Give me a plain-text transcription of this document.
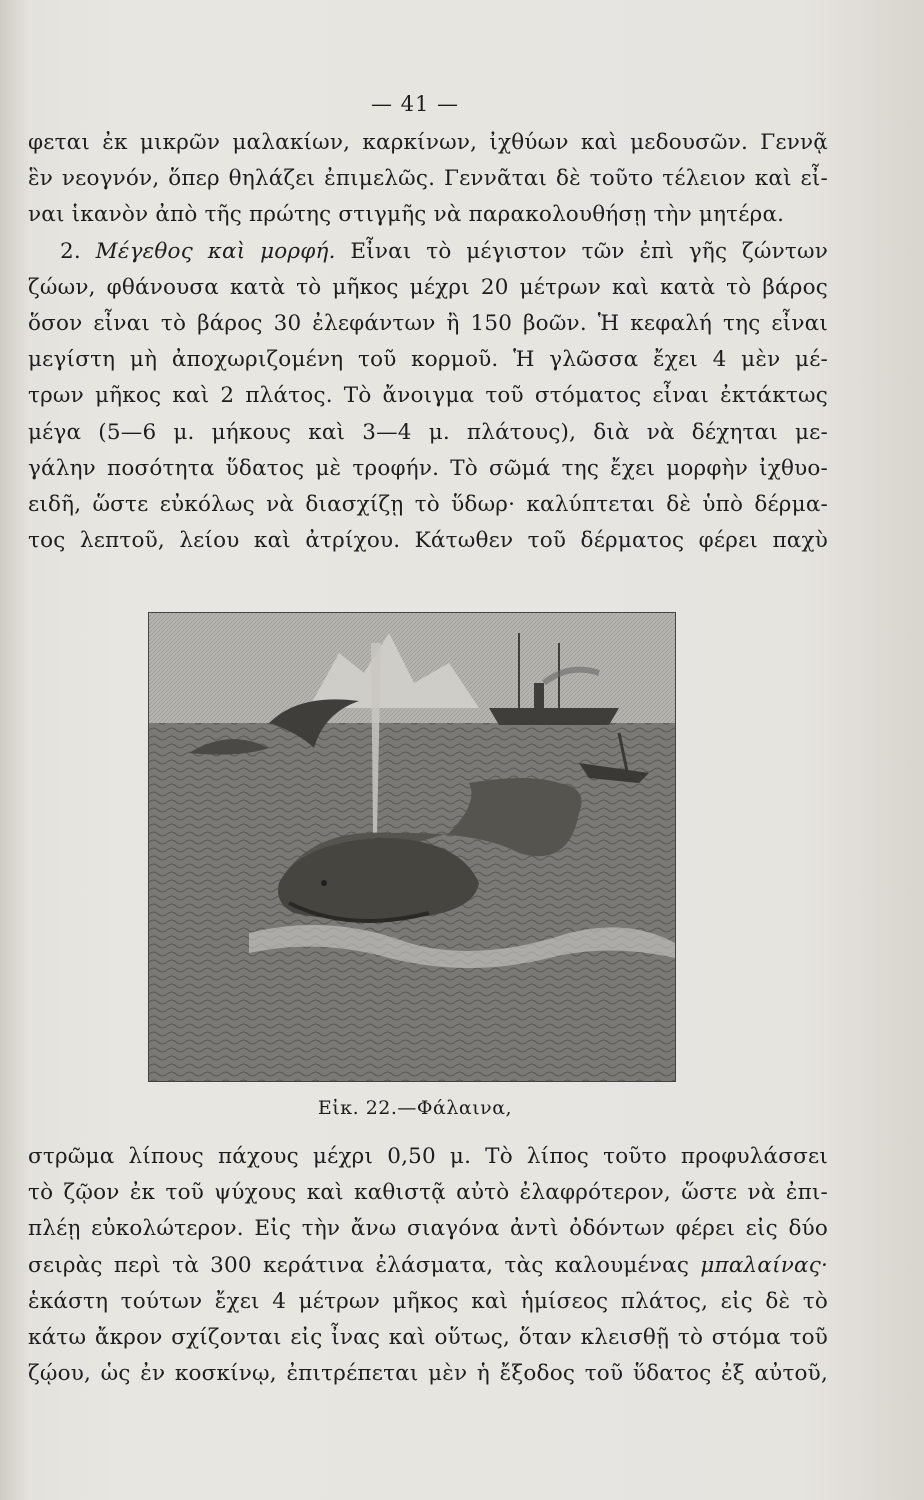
— 41 —
φεται ἐκ μικρῶν μαλακίων, καρκίνων, ἰχθύων καὶ μεδουσῶν. Γεννᾷ
ἓν νεογνόν, ὅπερ θηλάζει ἐπιμελῶς. Γεννᾶται δὲ τοῦτο τέλειον καὶ εἶ-
ναι ἱκανὸν ἀπὸ τῆς πρώτης στιγμῆς νὰ παρακολουθήσῃ τὴν μητέρα.
2. Μέγεθος καὶ μορφή. Εἶναι τὸ μέγιστον τῶν ἐπὶ γῆς ζώντων
ζώων, φθάνουσα κατὰ τὸ μῆκος μέχρι 20 μέτρων καὶ κατὰ τὸ βάρος
ὅσον εἶναι τὸ βάρος 30 ἐλεφάντων ἢ 150 βοῶν. Ἡ κεφαλή της εἶναι
μεγίστη μὴ ἀποχωριζομένη τοῦ κορμοῦ. Ἡ γλῶσσα ἔχει 4 μὲν μέ-
τρων μῆκος καὶ 2 πλάτος. Τὸ ἄνοιγμα τοῦ στόματος εἶναι ἐκτάκτως
μέγα (5—6 μ. μήκους καὶ 3—4 μ. πλάτους), διὰ νὰ δέχηται με-
γάλην ποσότητα ὕδατος μὲ τροφήν. Τὸ σῶμά της ἔχει μορφὴν ἰχθυο-
ειδῆ, ὥστε εὐκόλως νὰ διασχίζῃ τὸ ὕδωρ· καλύπτεται δὲ ὑπὸ δέρμα-
τος λεπτοῦ, λείου καὶ ἀτρίχου. Κάτωθεν τοῦ δέρματος φέρει παχὺ
Εἰκ. 22.—Φάλαινα,
στρῶμα λίπους πάχους μέχρι 0,50 μ. Τὸ λίπος τοῦτο προφυλάσσει
τὸ ζῷον ἐκ τοῦ ψύχους καὶ καθιστᾷ αὐτὸ ἐλαφρότερον, ὥστε νὰ ἐπι-
πλέῃ εὐκολώτερον. Εἰς τὴν ἄνω σιαγόνα ἀντὶ ὀδόντων φέρει εἰς δύο
σειρὰς περὶ τὰ 300 κεράτινα ἐλάσματα, τὰς καλουμένας μπαλαίνας·
ἑκάστη τούτων ἔχει 4 μέτρων μῆκος καὶ ἡμίσεος πλάτος, εἰς δὲ τὸ
κάτω ἄκρον σχίζονται εἰς ἶνας καὶ οὕτως, ὅταν κλεισθῇ τὸ στόμα τοῦ
ζῴου, ὡς ἐν κοσκίνῳ, ἐπιτρέπεται μὲν ἡ ἔξοδος τοῦ ὕδατος ἐξ αὐτοῦ,
